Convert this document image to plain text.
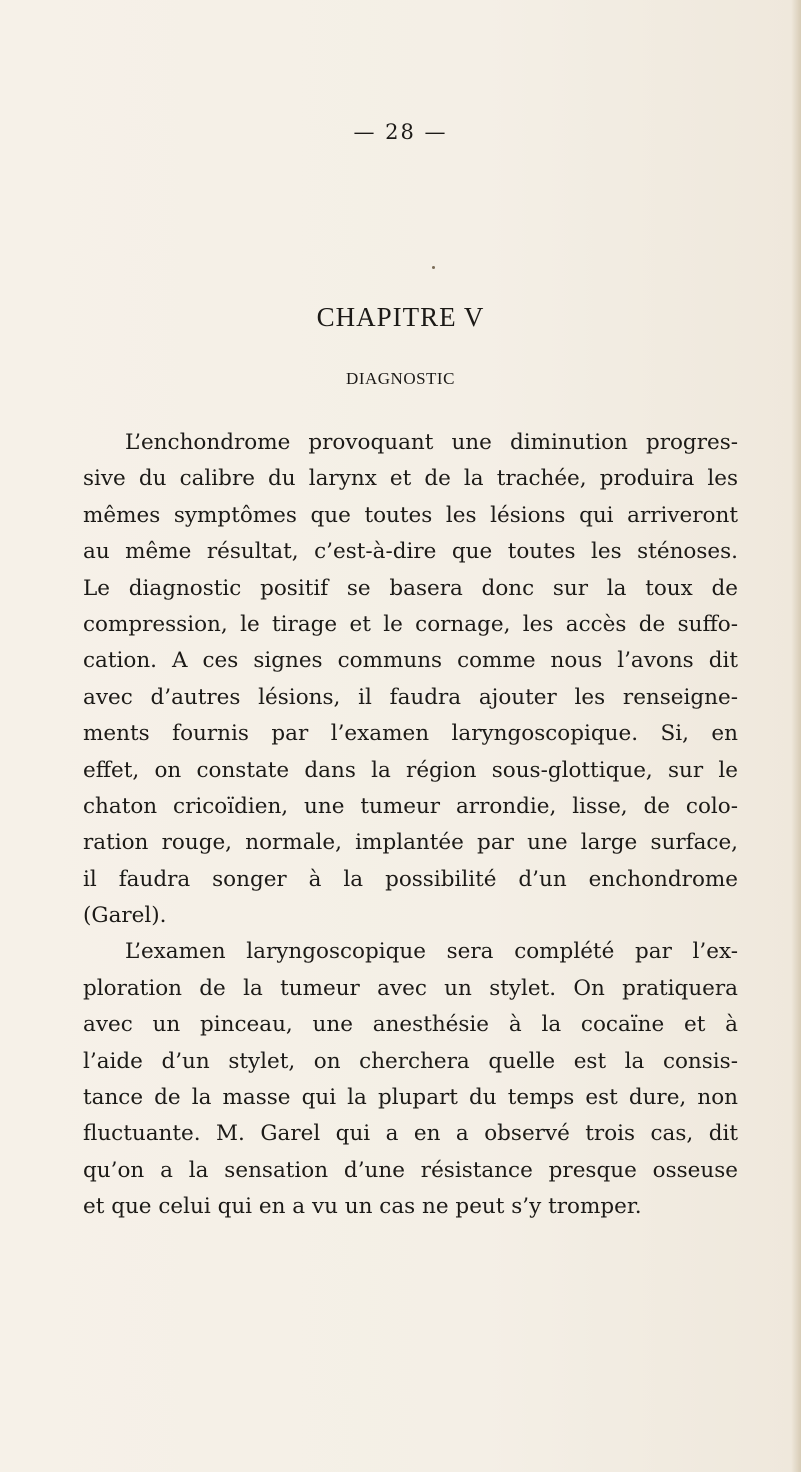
— 28 —
CHAPITRE V
DIAGNOSTIC
L’enchondrome provoquant une diminution progres-
sive du calibre du larynx et de la trachée, produira les
mêmes symptômes que toutes les lésions qui arriveront
au même résultat, c’est-à-dire que toutes les sténoses.
Le diagnostic positif se basera donc sur la toux de
compression, le tirage et le cornage, les accès de suffo-
cation. A ces signes communs comme nous l’avons dit
avec d’autres lésions, il faudra ajouter les renseigne-
ments fournis par l’examen laryngoscopique. Si, en
effet, on constate dans la région sous-glottique, sur le
chaton cricoïdien, une tumeur arrondie, lisse, de colo-
ration rouge, normale, implantée par une large surface,
il faudra songer à la possibilité d’un enchondrome
(Garel).
L’examen laryngoscopique sera complété par l’ex-
ploration de la tumeur avec un stylet. On pratiquera
avec un pinceau, une anesthésie à la cocaïne et à
l’aide d’un stylet, on cherchera quelle est la consis-
tance de la masse qui la plupart du temps est dure, non
fluctuante. M. Garel qui a en a observé trois cas, dit
qu’on a la sensation d’une résistance presque osseuse
et que celui qui en a vu un cas ne peut s’y tromper.
